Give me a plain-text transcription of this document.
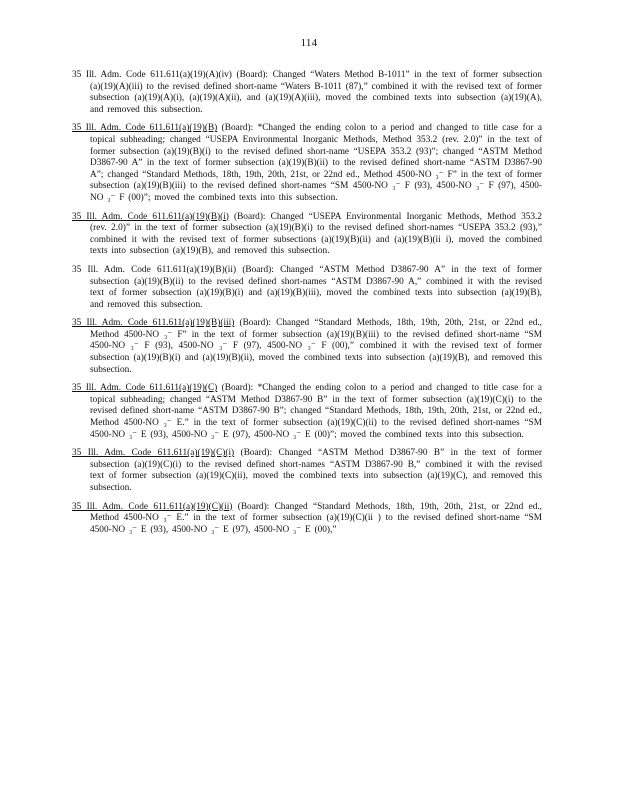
114
35 Ill. Adm. Code 611.611(a)(19)(A)(iv) (Board): Changed “Waters Method B-1011” in the text of former subsection (a)(19)(A)(iii) to the revised defined short-name “Waters B-1011 (87),” combined it with the revised text of former subsection (a)(19)(A)(i), (a)(19)(A)(ii), and (a)(19)(A)(iii), moved the combined texts into subsection (a)(19)(A), and removed this subsection.
35 Ill. Adm. Code 611.611(a)(19)(B) (Board): *Changed the ending colon to a period and changed to title case for a topical subheading; changed “USEPA Environmental Inorganic Methods, Method 353.2 (rev. 2.0)” in the text of former subsection (a)(19)(B)(i) to the revised defined short-name “USEPA 353.2 (93)”; changed “ASTM Method D3867-90 A” in the text of former subsection (a)(19)(B)(ii) to the revised defined short-name “ASTM D3867-90 A”; changed “Standard Methods, 18th, 19th, 20th, 21st, or 22nd ed., Method 4500-NO ₃⁻ F” in the text of former subsection (a)(19)(B)(iii) to the revised defined short-names “SM 4500-NO ₃⁻ F (93), 4500-NO ₃⁻ F (97), 4500-NO ₃⁻ F (00)”; moved the combined texts into this subsection.
35 Ill. Adm. Code 611.611(a)(19)(B)(i) (Board): Changed “USEPA Environmental Inorganic Methods, Method 353.2 (rev. 2.0)” in the text of former subsection (a)(19)(B)(i) to the revised defined short-names “USEPA 353.2 (93),” combined it with the revised text of former subsections (a)(19)(B)(ii) and (a)(19)(B)(ii i), moved the combined texts into subsection (a)(19)(B), and removed this subsection.
35 Ill. Adm. Code 611.611(a)(19)(B)(ii) (Board): Changed “ASTM Method D3867-90 A” in the text of former subsection (a)(19)(B)(ii) to the revised defined short-names “ASTM D3867-90 A,” combined it with the revised text of former subsection (a)(19)(B)(i) and (a)(19)(B)(iii), moved the combined texts into subsection (a)(19)(B), and removed this subsection.
35 Ill. Adm. Code 611.611(a)(19)(B)(iii) (Board): Changed “Standard Methods, 18th, 19th, 20th, 21st, or 22nd ed., Method 4500-NO ₃⁻ F” in the text of former subsection (a)(19)(B)(iii) to the revised defined short-name “SM 4500-NO ₃⁻ F (93), 4500-NO ₃⁻ F (97), 4500-NO ₃⁻ F (00),” combined it with the revised text of former subsection (a)(19)(B)(i) and (a)(19)(B)(ii), moved the combined texts into subsection (a)(19)(B), and removed this subsection.
35 Ill. Adm. Code 611.611(a)(19)(C) (Board): *Changed the ending colon to a period and changed to title case for a topical subheading; changed “ASTM Method D3867-90 B” in the text of former subsection (a)(19)(C)(i) to the revised defined short-name “ASTM D3867-90 B”; changed “Standard Methods, 18th, 19th, 20th, 21st, or 22nd ed., Method 4500-NO ₃⁻ E.” in the text of former subsection (a)(19)(C)(ii) to the revised defined short-names “SM 4500-NO ₃⁻ E (93), 4500-NO ₃⁻ E (97), 4500-NO ₃⁻ E (00)”; moved the combined texts into this subsection.
35 Ill. Adm. Code 611.611(a)(19)(C)(i) (Board): Changed “ASTM Method D3867-90 B” in the text of former subsection (a)(19)(C)(i) to the revised defined short-names “ASTM D3867-90 B,” combined it with the revised text of former subsection (a)(19)(C)(ii), moved the combined texts into subsection (a)(19)(C), and removed this subsection.
35 Ill. Adm. Code 611.611(a)(19)(C)(ii) (Board): Changed “Standard Methods, 18th, 19th, 20th, 21st, or 22nd ed., Method 4500-NO ₃⁻ E.” in the text of former subsection (a)(19)(C)(ii ) to the revised defined short-name “SM 4500-NO ₃⁻ E (93), 4500-NO ₃⁻ E (97), 4500-NO ₃⁻ E (00),”
